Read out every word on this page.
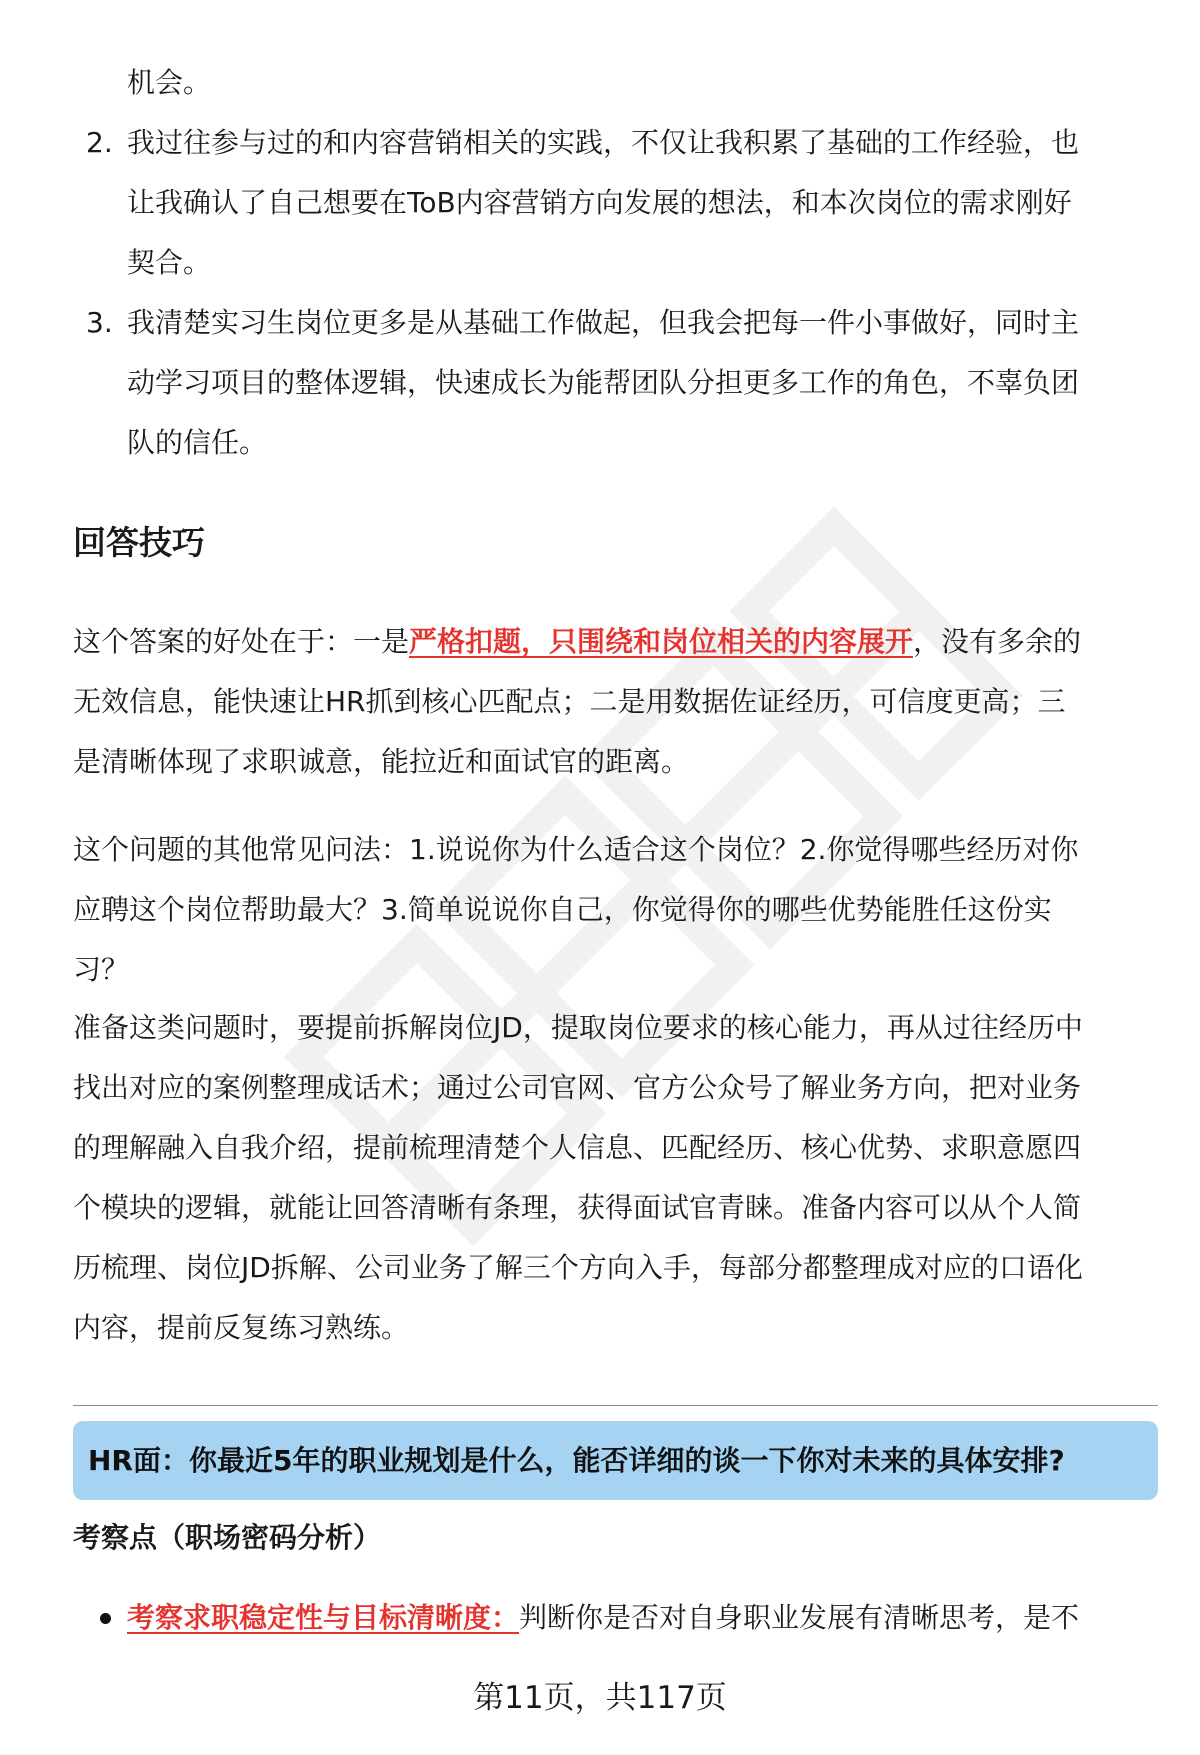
机会。
2. 我过往参与过的和内容营销相关的实践，不仅让我积累了基础的工作经验，也
让我确认了自己想要在ToB内容营销方向发展的想法，和本次岗位的需求刚好
契合。
3. 我清楚实习生岗位更多是从基础工作做起，但我会把每一件小事做好，同时主
动学习项目的整体逻辑，快速成长为能帮团队分担更多工作的角色，不辜负团
队的信任。
回答技巧
这个答案的好处在于：一是严格扣题，只围绕和岗位相关的内容展开，没有多余的
无效信息，能快速让HR抓到核心匹配点；二是用数据佐证经历，可信度更高；三
是清晰体现了求职诚意，能拉近和面试官的距离。
这个问题的其他常见问法：1.说说你为什么适合这个岗位？2.你觉得哪些经历对你
应聘这个岗位帮助最大？3.简单说说你自己，你觉得你的哪些优势能胜任这份实
习？
准备这类问题时，要提前拆解岗位JD，提取岗位要求的核心能力，再从过往经历中
找出对应的案例整理成话术；通过公司官网、官方公众号了解业务方向，把对业务
的理解融入自我介绍，提前梳理清楚个人信息、匹配经历、核心优势、求职意愿四
个模块的逻辑，就能让回答清晰有条理，获得面试官青睐。准备内容可以从个人简
历梳理、岗位JD拆解、公司业务了解三个方向入手，每部分都整理成对应的口语化
内容，提前反复练习熟练。
HR面：你最近5年的职业规划是什么，能否详细的谈一下你对未来的具体安排?
考察点（职场密码分析）
考察求职稳定性与目标清晰度：判断你是否对自身职业发展有清晰思考，是不
第11页，共117页
